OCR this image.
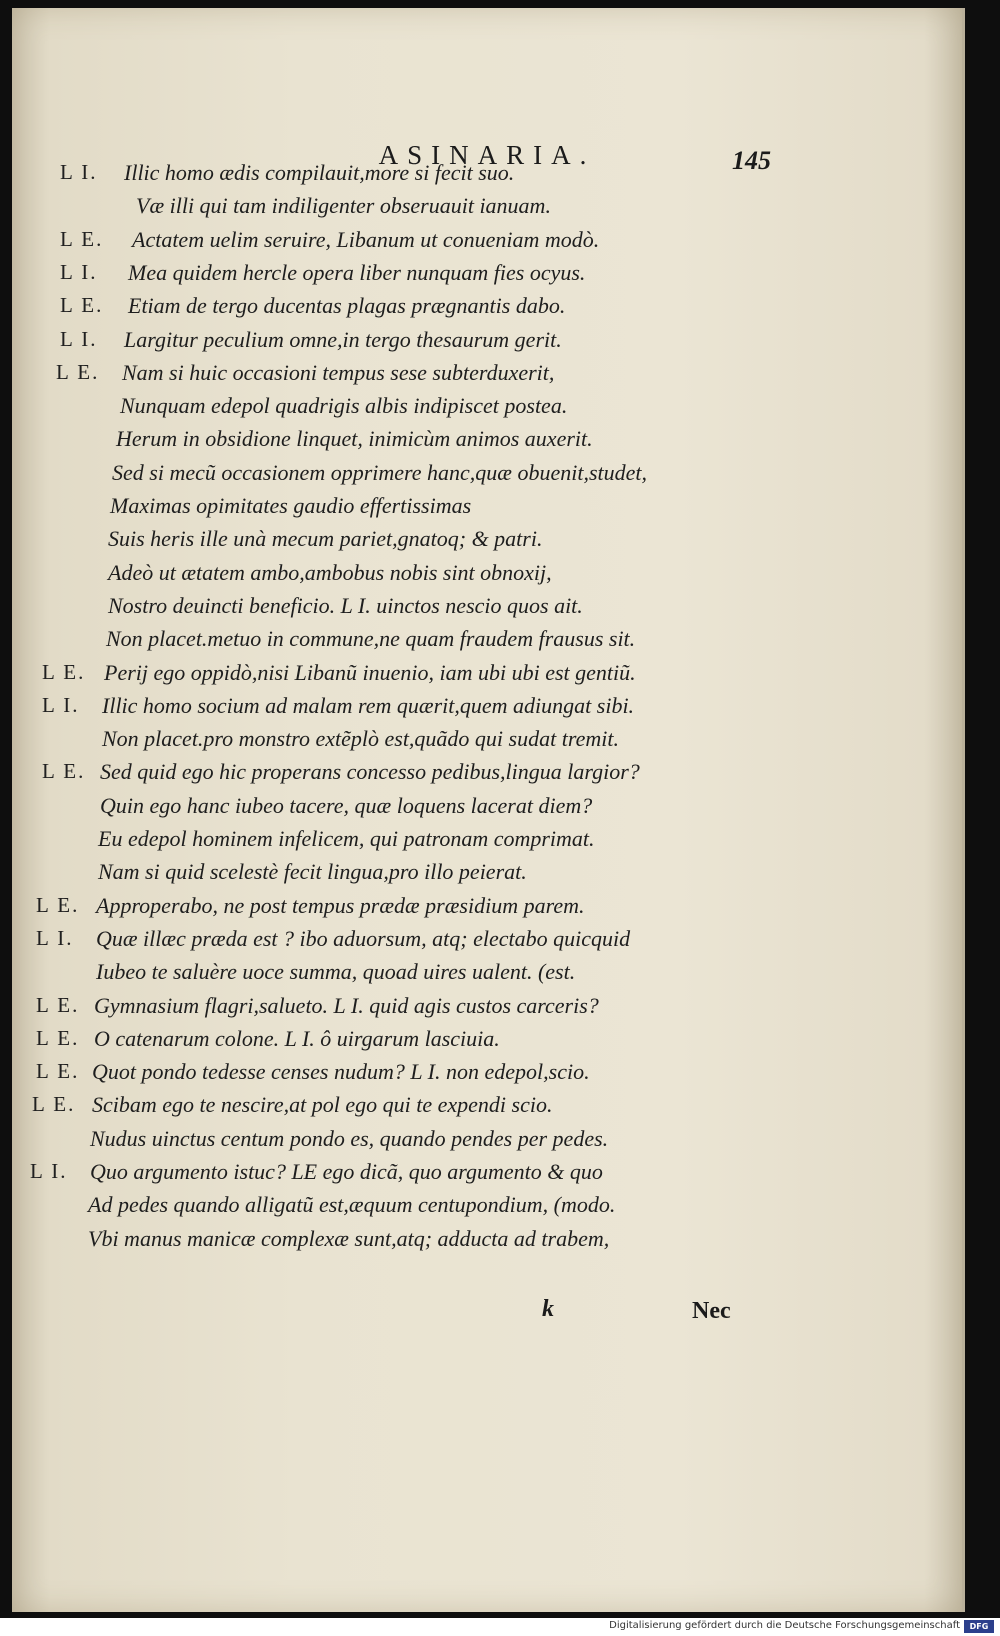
ASINARIA.	145
L I.	Illic homo ædis compilauit,more si fecit suo.
Væ illi qui tam indiligenter obseruauit ianuam.
L E.	Actatem uelim seruire, Libanum ut conueniam modò.
L I.	Mea quidem hercle opera liber nunquam fies ocyus.
L E.	Etiam de tergo ducentas plagas prægnantis dabo.
L I.	Largitur peculium omne,in tergo thesaurum gerit.
L E.	Nam si huic occasioni tempus sese subterduxerit,
Nunquam edepol quadrigis albis indipiscet postea.
Herum in obsidione linquet, inimicùm animos auxerit.
Sed si mecũ occasionem opprimere hanc,quæ obuenit,studet,
Maximas opimitates gaudio effertissimas
Suis heris ille unà mecum pariet,gnatoq; & patri.
Adeò ut ætatem ambo,ambobus nobis sint obnoxij,
Nostro deuincti beneficio. L I. uinctos nescio quos ait.
Non placet.metuo in commune,ne quam fraudem frausus sit.
L E. Perij ego oppidò,nisi Libanũ inuenio, iam ubi ubi est gentiũ.
L I.	Illic homo socium ad malam rem quærit,quem adiungat sibi.
Non placet.pro monstro extẽplò est,quãdo qui sudat tremit.
L E. Sed quid ego hic properans concesso pedibus,lingua largior?
Quin ego hanc iubeo tacere, quæ loquens lacerat diem?
Eu edepol hominem infelicem, qui patronam comprimat.
Nam si quid scelestè fecit lingua,pro illo peierat.
L E. Approperabo, ne post tempus prædæ præsidium parem.
L I.	Quæ illæc præda est ? ibo aduorsum, atq; electabo quicquid
Iubeo te saluère uoce summa, quoad uires ualent. (est.
L E. Gymnasium flagri,salueto. L I. quid agis custos carceris?
L E. O catenarum colone. L I. ô uirgarum lasciuia.
L E. Quot pondo tedesse censes nudum? L I. non edepol,scio.
L E. Scibam ego te nescire,at pol ego qui te expendi scio.
Nudus uinctus centum pondo es, quando pendes per pedes.
L I.	Quo argumento istuc? LE ego dicã, quo argumento & quo
Ad pedes quando alligatũ est,æquum centupondium, (modo.
Vbi manus manicæ complexæ sunt,atq; adducta ad trabem,
k	Nec
Digitalisierung gefördert durch die Deutsche Forschungsgemeinschaft	DFG
